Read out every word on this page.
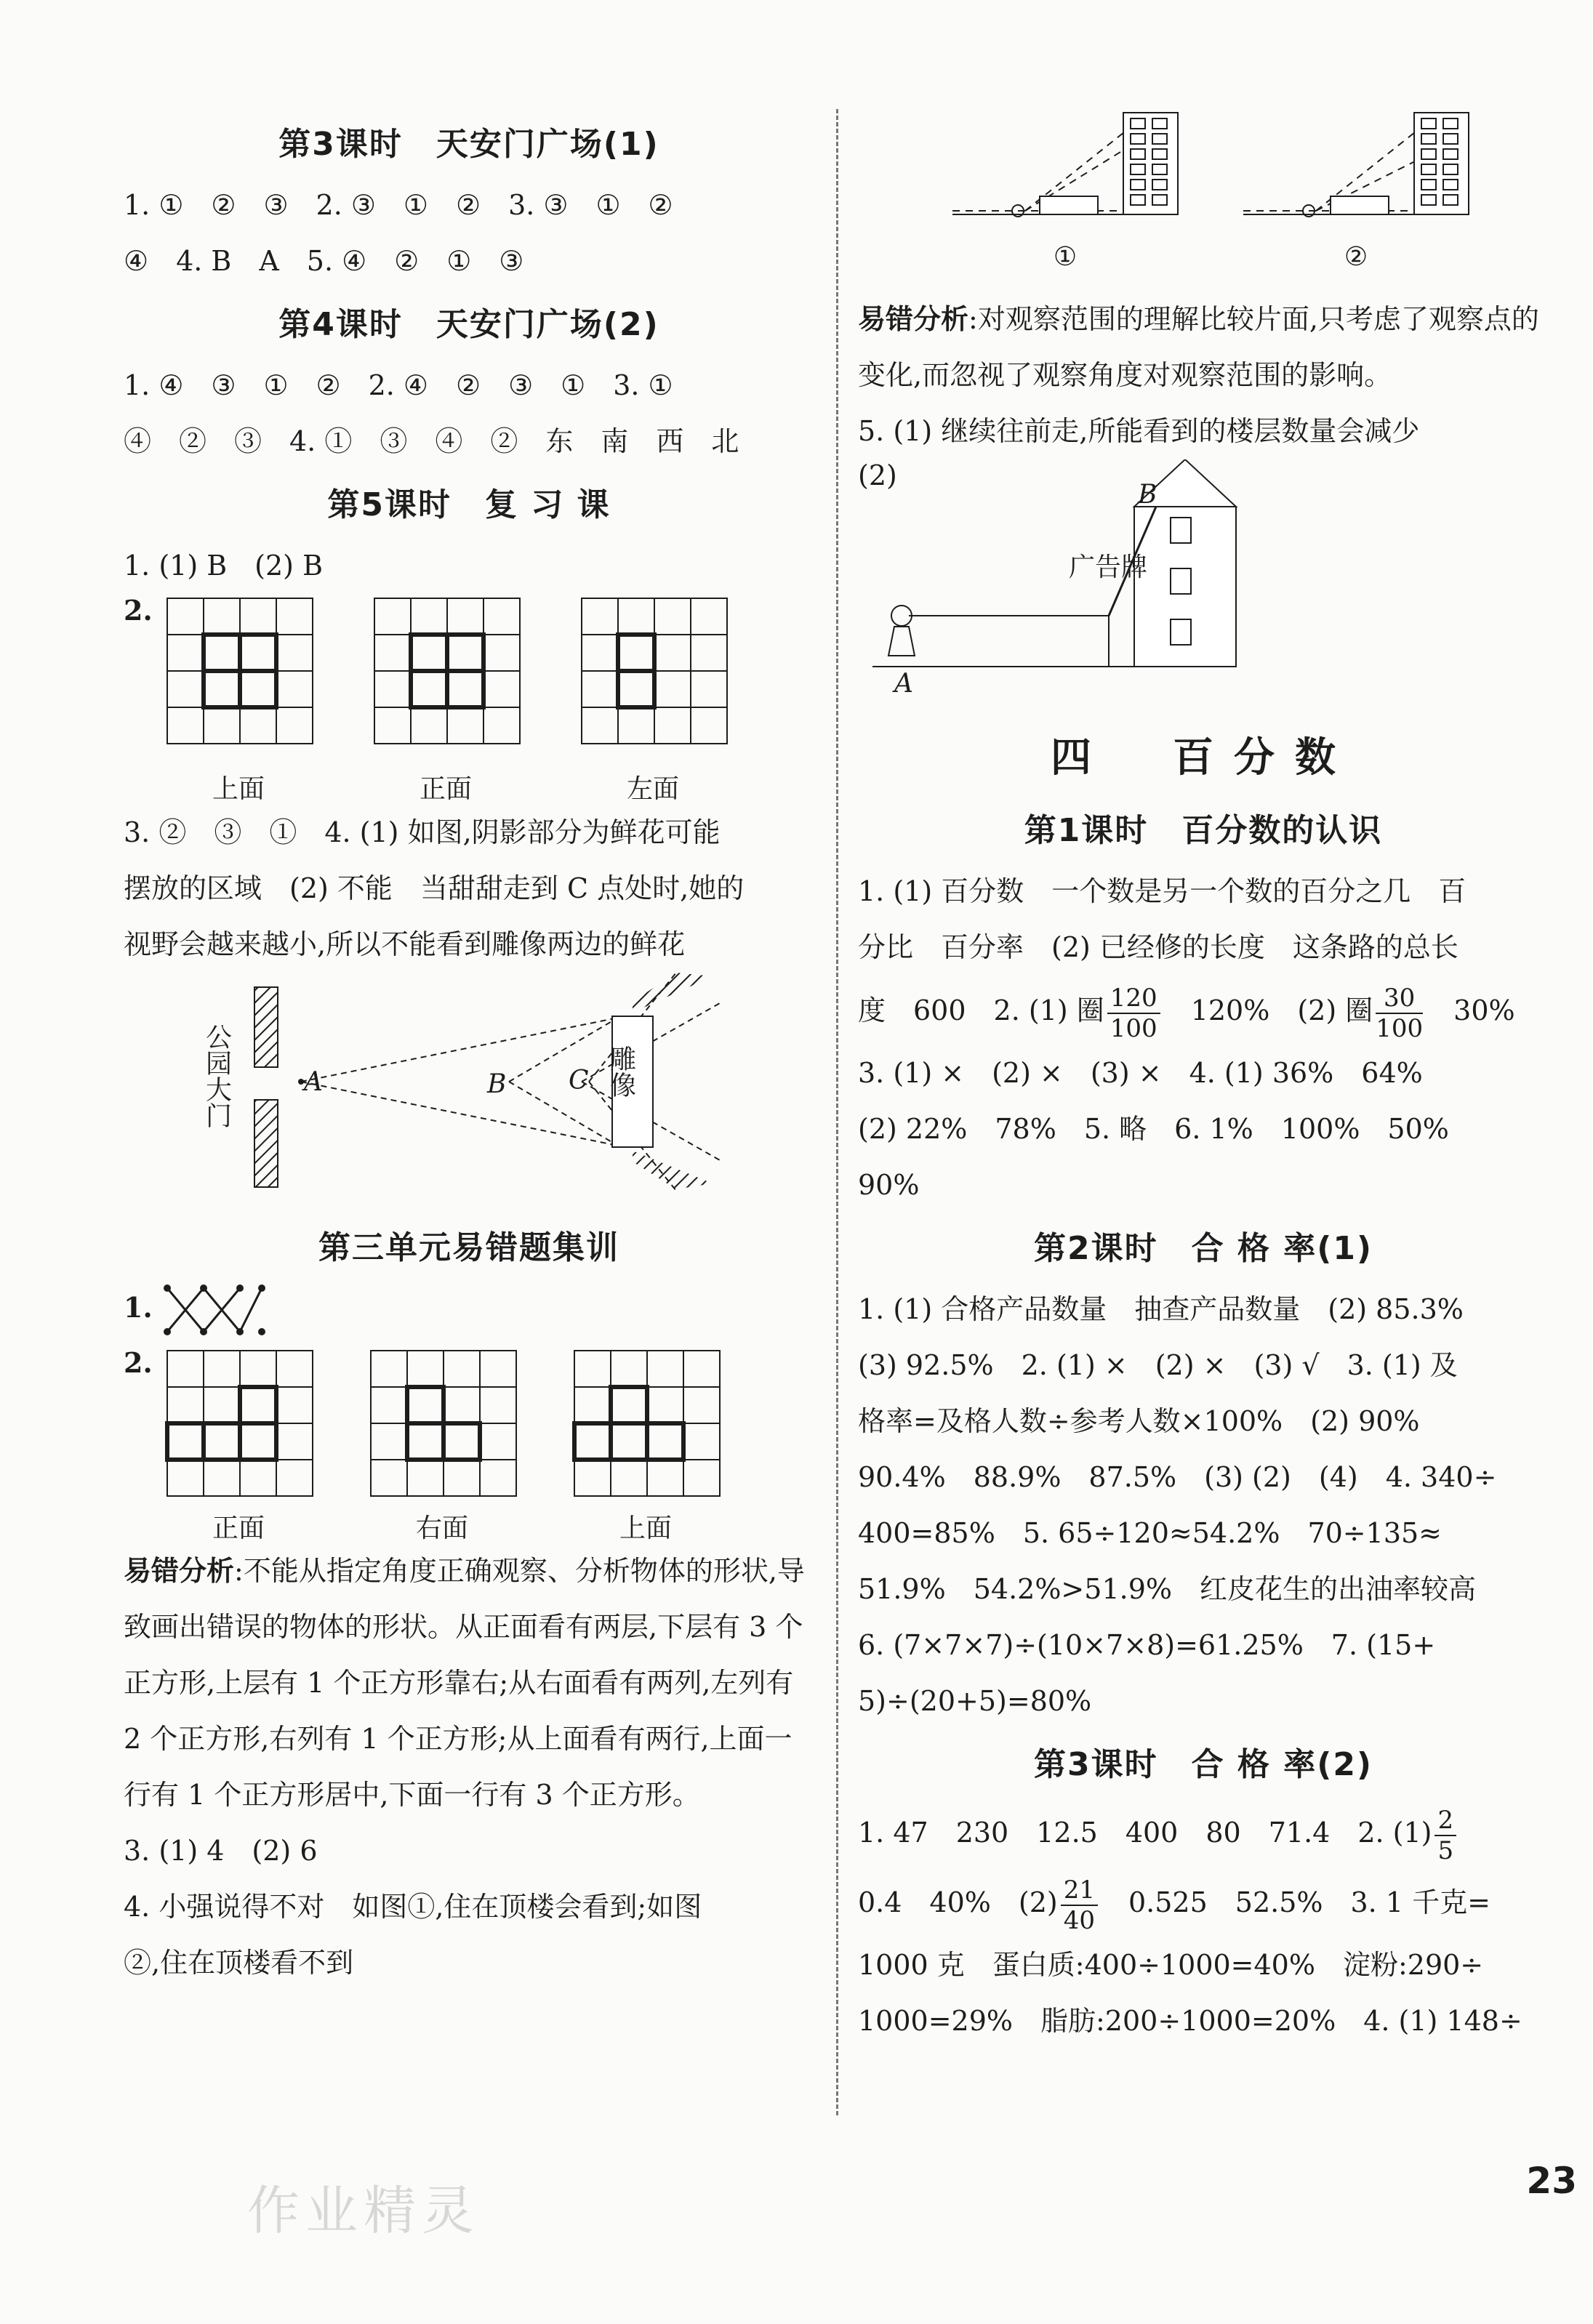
第3课时　天安门广场(1)

1. ①　②　③　2. ③　①　②　3. ③　①　②

④　4. B　A　5. ④　②　①　③

第4课时　天安门广场(2)

1. ④　③　①　②　2. ④　②　③　①　3. ①

④　②　③　4. ①　③　④　②　东　南　西　北

第5课时　复 习 课

1. (1) B　(2) B

2.
上面	正面	左面

3. ②　③　①　4. (1) 如图,阴影部分为鲜花可能

摆放的区域　(2) 不能　当甜甜走到 C 点处时,她的

视野会越来越小,所以不能看到雕像两边的鲜花

公园大门	A	B C 雕像
第三单元易错题集训
1.
2.
正面	右面	上面

易错分析:不能从指定角度正确观察、分析物体的形状,导致画出错误的物体的形状。从正面看有两层,下层有 3 个正方形,上层有 1 个正方形靠右;从右面看有两列,左列有 2 个正方形,右列有 1 个正方形;从上面看有两行,上面一行有 1 个正方形居中,下面一行有 3 个正方形。

3. (1) 4　(2) 6

4. 小强说得不对　如图①,住在顶楼会看到;如图

②,住在顶楼看不到

①	②

易错分析:对观察范围的理解比较片面,只考虑了观察点的变化,而忽视了观察角度对观察范围的影响。

5. (1) 继续往前走,所能看到的楼层数量会减少

(2)
B
广告牌
A
四　百分数
第1课时　百分数的认识

1. (1) 百分数　一个数是另一个数的百分之几　百

分比　百分率　(2) 已经修的长度　这条路的总长

度　600　2. (1) 圈 $\frac{120}{100}$ 　120%　(2) 圈 $\frac{30}{100}$ 　30%

3. (1) ×　(2) ×　(3) ×　4. (1) 36%　64%

(2) 22%　78%　5. 略　6. 1%　100%　50%

90%

第2课时　合 格 率(1)

1. (1) 合格产品数量　抽查产品数量　(2) 85.3%

(3) 92.5%　2. (1) ×　(2) ×　(3) √　3. (1) 及

格率=及格人数÷参考人数×100%　(2) 90%

90.4%　88.9%　87.5%　(3) (2)　(4)　4. 340÷

400=85%　5. 65÷120≈54.2%　70÷135≈

51.9%　54.2%>51.9%　红皮花生的出油率较高

6. (7×7×7)÷(10×7×8)=61.25%　7. (15+

5)÷(20+5)=80%

第3课时　合 格 率(2)

1. 47　230　12.5　400　80　71.4　2. $(1) \frac{2}{5}$

0.4　40%　$(2) \frac{21}{40}$ 　0.525　52.5%　3. 1 千克=

1000 克　蛋白质:400÷1000=40%　淀粉:290÷

1000=29%　脂肪:200÷1000=20%　4. (1) 148÷

23
作业精灵
